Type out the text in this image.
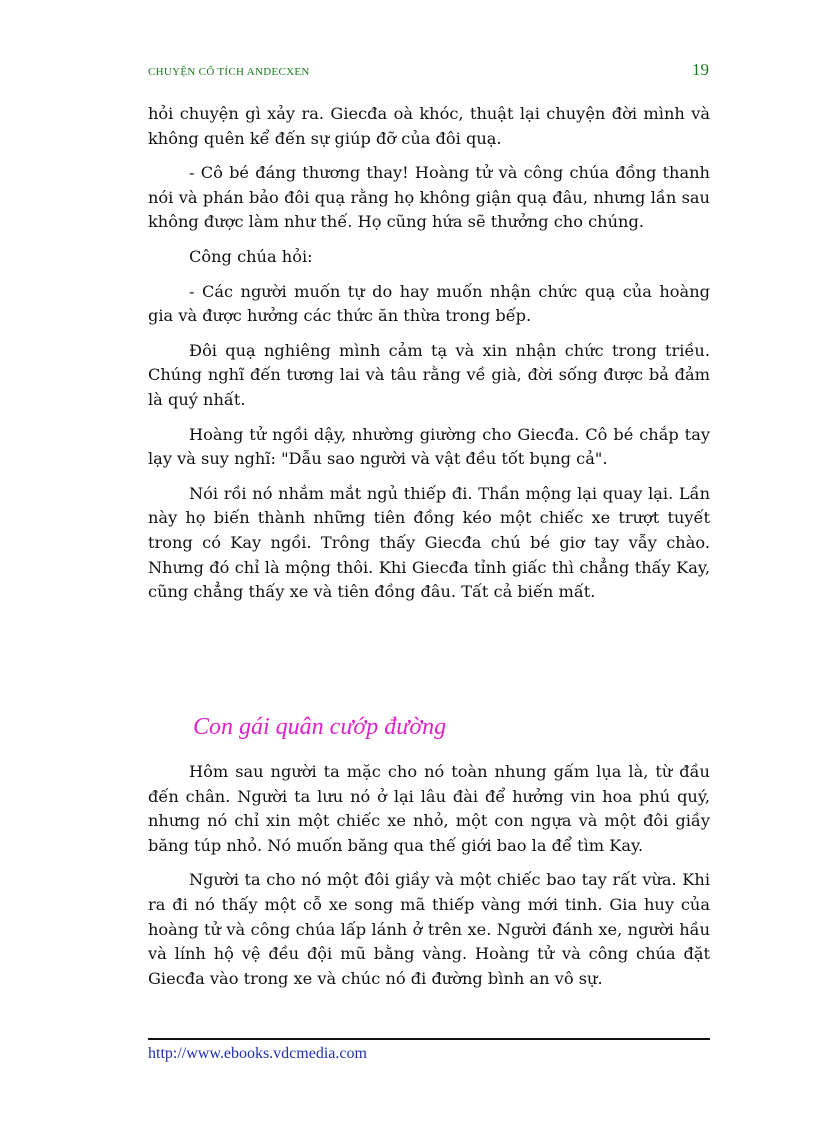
CHUYỆN CỔ TÍCH ANDECXEN	19

hỏi chuyện gì xảy ra. Giecđa oà khóc, thuật lại chuyện đời mình và không quên kể đến sự giúp đỡ của đôi quạ.

- Cô bé đáng thương thay! Hoàng tử và công chúa đồng thanh nói và phán bảo đôi quạ rằng họ không giận quạ đâu, nhưng lần sau không được làm như thế. Họ cũng hứa sẽ thưởng cho chúng.

Công chúa hỏi:

- Các người muốn tự do hay muốn nhận chức quạ của hoàng gia và được hưởng các thức ăn thừa trong bếp.

Đôi quạ nghiêng mình cảm tạ và xin nhận chức trong triều. Chúng nghĩ đến tương lai và tâu rằng về già, đời sống được bả đảm là quý nhất.

Hoàng tử ngồi dậy, nhường giường cho Giecđa. Cô bé chắp tay lạy và suy nghĩ: "Dẫu sao người và vật đều tốt bụng cả".

Nói rồi nó nhắm mắt ngủ thiếp đi. Thần mộng lại quay lại. Lần này họ biến thành những tiên đồng kéo một chiếc xe trượt tuyết trong có Kay ngồi. Trông thấy Giecđa chú bé giơ tay vẫy chào. Nhưng đó chỉ là mộng thôi. Khi Giecđa tỉnh giấc thì chẳng thấy Kay, cũng chẳng thấy xe và tiên đồng đâu. Tất cả biến mất.

Con gái quân cướp đường

Hôm sau người ta mặc cho nó toàn nhung gấm lụa là, từ đầu đến chân. Người ta lưu nó ở lại lâu đài để hưởng vin hoa phú quý, nhưng nó chỉ xin một chiếc xe nhỏ, một con ngựa và một đôi giầy băng túp nhỏ. Nó muốn băng qua thế giới bao la để tìm Kay.

Người ta cho nó một đôi giầy và một chiếc bao tay rất vừa. Khi ra đi nó thấy một cỗ xe song mã thiếp vàng mới tinh. Gia huy của hoàng tử và công chúa lấp lánh ở trên xe. Người đánh xe, người hầu và lính hộ vệ đều đội mũ bằng vàng. Hoàng tử và công chúa đặt Giecđa vào trong xe và chúc nó đi đường bình an vô sự.

http://www.ebooks.vdcmedia.com
